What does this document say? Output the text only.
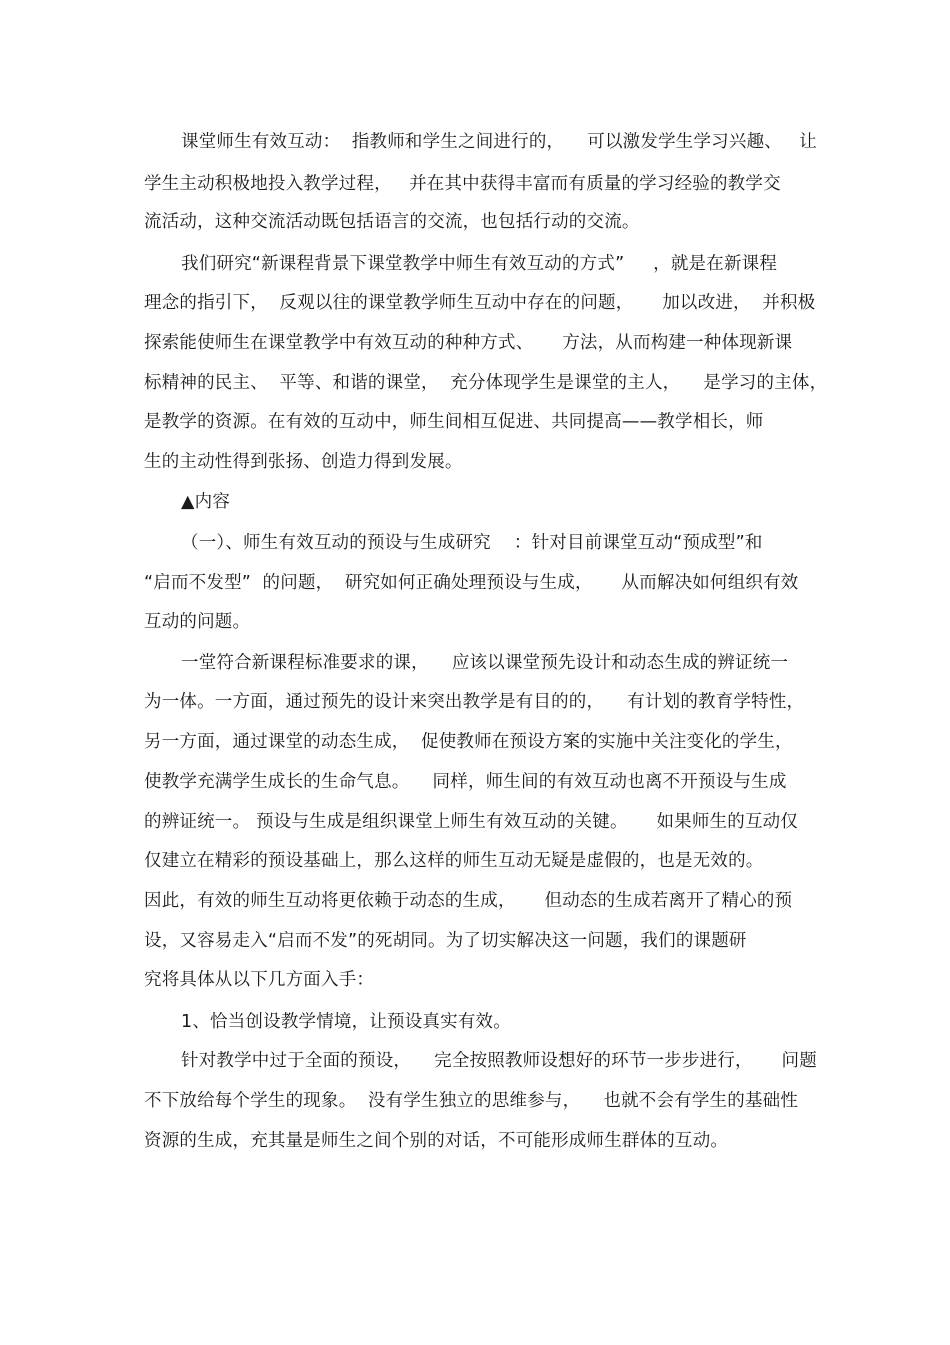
课堂师生有效互动：  指教师和学生之间进行的，    可以激发学生学习兴趣、   让
学生主动积极地投入教学过程，   并在其中获得丰富而有质量的学习经验的教学交
流活动，这种交流活动既包括语言的交流，也包括行动的交流。
我们研究“新课程背景下课堂教学中师生有效互动的方式”     ，就是在新课程
理念的指引下，  反观以往的课堂教学师生互动中存在的问题，     加以改进，  并积极
探索能使师生在课堂教学中有效互动的种种方式、     方法，从而构建一种体现新课
标精神的民主、  平等、和谐的课堂，  充分体现学生是课堂的主人，    是学习的主体，
是教学的资源。在有效的互动中，师生间相互促进、共同提高——教学相长，师
生的主动性得到张扬、创造力得到发展。
▲内容
（一）、师生有效互动的预设与生成研究    ：针对目前课堂互动“预成型”和
“启而不发型”  的问题，  研究如何正确处理预设与生成，     从而解决如何组织有效
互动的问题。
一堂符合新课程标准要求的课，    应该以课堂预先设计和动态生成的辨证统一
为一体。一方面，通过预先的设计来突出教学是有目的的，    有计划的教育学特性，
另一方面，通过课堂的动态生成，  促使教师在预设方案的实施中关注变化的学生，
使教学充满学生成长的生命气息。    同样，师生间的有效互动也离不开预设与生成
的辨证统一。 预设与生成是组织课堂上师生有效互动的关键。     如果师生的互动仅
仅建立在精彩的预设基础上，那么这样的师生互动无疑是虚假的，也是无效的。
因此，有效的师生互动将更依赖于动态的生成，     但动态的生成若离开了精心的预
设，又容易走入“启而不发”的死胡同。为了切实解决这一问题，我们的课题研
究将具体从以下几方面入手：
1、恰当创设教学情境，让预设真实有效。
针对教学中过于全面的预设，    完全按照教师设想好的环节一步步进行，     问题
不下放给每个学生的现象。  没有学生独立的思维参与，    也就不会有学生的基础性
资源的生成，充其量是师生之间个别的对话，不可能形成师生群体的互动。
